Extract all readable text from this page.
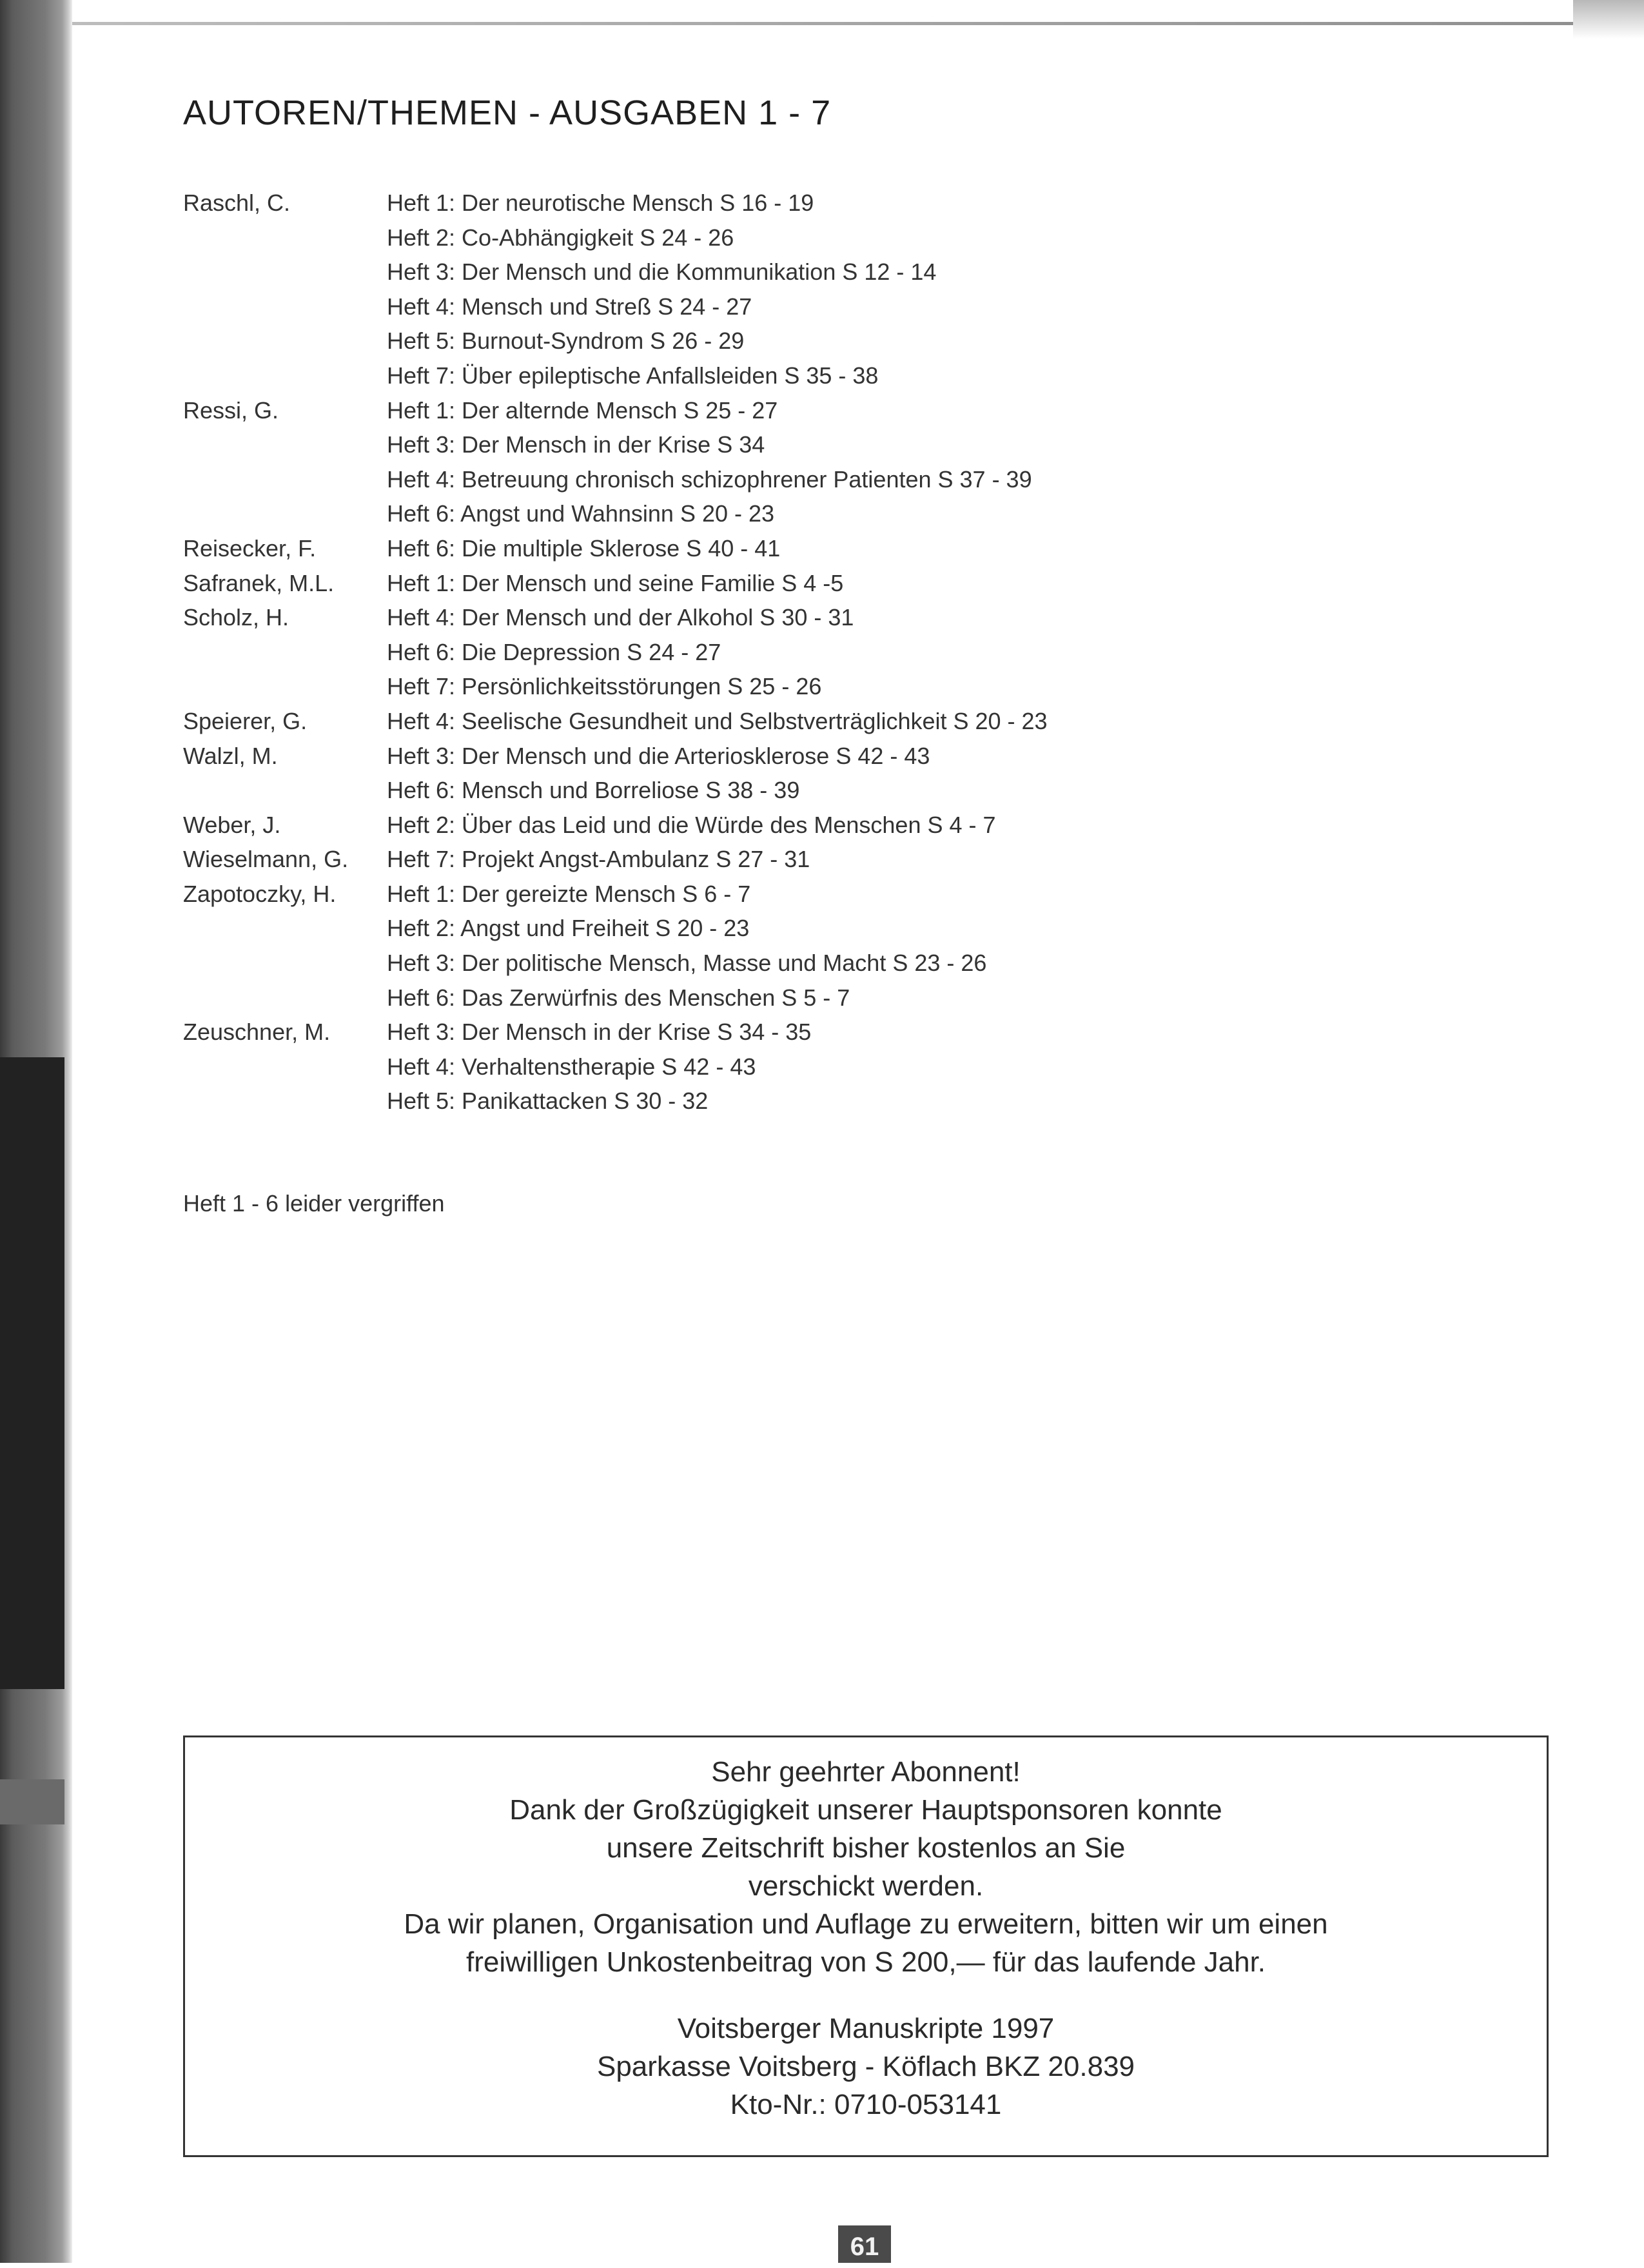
AUTOREN/THEMEN - AUSGABEN 1 - 7
Raschl, C.	Heft 1: Der neurotische Mensch S 16 - 19
Heft 2: Co-Abhängigkeit S 24 - 26
Heft 3: Der Mensch und die Kommunikation S 12 - 14
Heft 4: Mensch und Streß S 24 - 27
Heft 5: Burnout-Syndrom S 26 - 29
Heft 7: Über epileptische Anfallsleiden S 35 - 38
Ressi, G.	Heft 1: Der alternde Mensch S 25 - 27
Heft 3: Der Mensch in der Krise S 34
Heft 4: Betreuung chronisch schizophrener Patienten S 37 - 39
Heft 6: Angst und Wahnsinn S 20 - 23
Reisecker, F.	Heft 6: Die multiple Sklerose S 40 - 41
Safranek, M.L.	Heft 1: Der Mensch und seine Familie S 4 -5
Scholz, H.	Heft 4: Der Mensch und der Alkohol S 30 - 31
Heft 6: Die Depression S 24 - 27
Heft 7: Persönlichkeitsstörungen S 25 - 26
Speierer, G.	Heft 4: Seelische Gesundheit und Selbstverträglichkeit S 20 - 23
Walzl, M.	Heft 3: Der Mensch und die Arteriosklerose S 42 - 43
Heft 6: Mensch und Borreliose S 38 - 39
Weber, J.	Heft 2: Über das Leid und die Würde des Menschen S 4 - 7
Wieselmann, G.	Heft 7: Projekt Angst-Ambulanz S 27 - 31
Zapotoczky, H.	Heft 1: Der gereizte Mensch S 6 - 7
Heft 2: Angst und Freiheit S 20 - 23
Heft 3: Der politische Mensch, Masse und Macht S 23 - 26
Heft 6: Das Zerwürfnis des Menschen S 5 - 7
Zeuschner, M.	Heft 3: Der Mensch in der Krise S 34 - 35
Heft 4: Verhaltenstherapie S 42 - 43
Heft 5: Panikattacken S 30 - 32
Heft 1 - 6 leider vergriffen
Sehr geehrter Abonnent!
Dank der Großzügigkeit unserer Hauptsponsoren konnte
unsere Zeitschrift bisher kostenlos an Sie
verschickt werden.
Da wir planen, Organisation und Auflage zu erweitern, bitten wir um einen
freiwilligen Unkostenbeitrag von S 200,— für das laufende Jahr.
Voitsberger Manuskripte 1997
Sparkasse Voitsberg - Köflach BKZ 20.839
Kto-Nr.: 0710-053141
61
